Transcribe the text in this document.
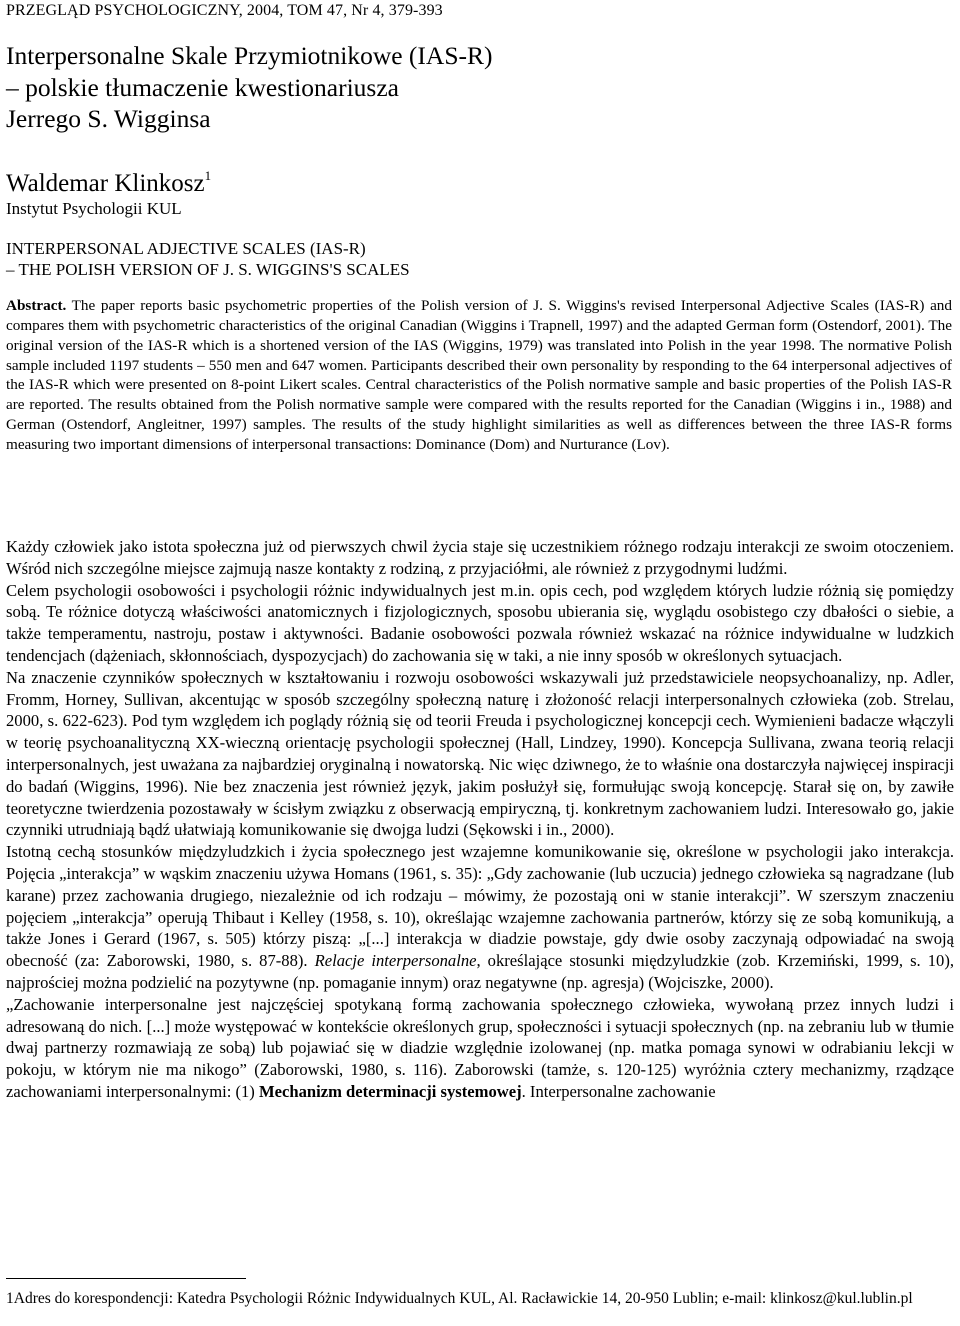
PRZEGLĄD PSYCHOLOGICZNY, 2004, TOM 47, Nr 4, 379-393
Interpersonalne Skale Przymiotnikowe (IAS-R)
– polskie tłumaczenie kwestionariusza
Jerrego S. Wigginsa
Waldemar Klinkosz$^1$
Instytut Psychologii KUL
INTERPERSONAL ADJECTIVE SCALES (IAS-R)
– THE POLISH VERSION OF J. S. WIGGINS'S SCALES
Abstract. The paper reports basic psychometric properties of the Polish version of J. S. Wiggins's revised Interpersonal Adjective Scales (IAS-R) and compares them with psychometric characteristics of the original Canadian (Wiggins i Trapnell, 1997) and the adapted German form (Ostendorf, 2001). The original version of the IAS-R which is a shortened version of the IAS (Wiggins, 1979) was translated into Polish in the year 1998. The normative Polish sample included 1197 students – 550 men and 647 women. Participants described their own personality by responding to the 64 interpersonal adjectives of the IAS-R which were presented on 8-point Likert scales. Central characteristics of the Polish normative sample and basic properties of the Polish IAS-R are reported. The results obtained from the Polish normative sample were compared with the results reported for the Canadian (Wiggins i in., 1988) and German (Ostendorf, Angleitner, 1997) samples. The results of the study highlight similarities as well as differences between the three IAS-R forms measuring two important dimensions of interpersonal transactions: Dominance (Dom) and Nurturance (Lov).

Każdy człowiek jako istota społeczna już od pierwszych chwil życia staje się uczestnikiem różnego rodzaju interakcji ze swoim otoczeniem. Wśród nich szczególne miejsce zajmują nasze kontakty z rodziną, z przyjaciółmi, ale również z przygodnymi ludźmi.

Celem psychologii osobowości i psychologii różnic indywidualnych jest m.in. opis cech, pod względem których ludzie różnią się pomiędzy sobą. Te różnice dotyczą właściwości anatomicznych i fizjologicznych, sposobu ubierania się, wyglądu osobistego czy dbałości o siebie, a także temperamentu, nastroju, postaw i aktywności. Badanie osobowości pozwala również wskazać na różnice indywidualne w ludzkich tendencjach (dążeniach, skłonnościach, dyspozycjach) do zachowania się w taki, a nie inny sposób w określonych sytuacjach.

Na znaczenie czynników społecznych w kształtowaniu i rozwoju osobowości wskazywali już przedstawiciele neopsychoanalizy, np. Adler, Fromm, Horney, Sullivan, akcentując w sposób szczególny społeczną naturę i złożoność relacji interpersonalnych człowieka (zob. Strelau, 2000, s. 622-623). Pod tym względem ich poglądy różnią się od teorii Freuda i psychologicznej koncepcji cech. Wymienieni badacze włączyli w teorię psychoanalityczną XX-wieczną orientację psychologii społecznej (Hall, Lindzey, 1990). Koncepcja Sullivana, zwana teorią relacji interpersonalnych, jest uważana za najbardziej oryginalną i nowatorską. Nic więc dziwnego, że to właśnie ona dostarczyła najwięcej inspiracji do badań (Wiggins, 1996). Nie bez znaczenia jest również język, jakim posłużył się, formułując swoją koncepcję. Starał się on, by zawiłe teoretyczne twierdzenia pozostawały w ścisłym związku z obserwacją empiryczną, tj. konkretnym zachowaniem ludzi. Interesowało go, jakie czynniki utrudniają bądź ułatwiają komunikowanie się dwojga ludzi (Sękowski i in., 2000).

Istotną cechą stosunków międzyludzkich i życia społecznego jest wzajemne komunikowanie się, określone w psychologii jako interakcja. Pojęcia „interakcja” w wąskim znaczeniu używa Homans (1961, s. 35): „Gdy zachowanie (lub uczucia) jednego człowieka są nagradzane (lub karane) przez zachowania drugiego, niezależnie od ich rodzaju – mówimy, że pozostają oni w stanie interakcji”. W szerszym znaczeniu pojęciem „interakcja” operują Thibaut i Kelley (1958, s. 10), określając wzajemne zachowania partnerów, którzy się ze sobą komunikują, a także Jones i Gerard (1967, s. 505) którzy piszą: „[...] interakcja w diadzie powstaje, gdy dwie osoby zaczynają odpowiadać na swoją obecność (za: Zaborowski, 1980, s. 87-88). Relacje interpersonalne, określające stosunki międzyludzkie (zob. Krzemiński, 1999, s. 10), najprościej można podzielić na pozytywne (np. pomaganie innym) oraz negatywne (np. agresja) (Wojciszke, 2000).

„Zachowanie interpersonalne jest najczęściej spotykaną formą zachowania społecznego człowieka, wywołaną przez innych ludzi i adresowaną do nich. [...] może występować w kontekście określonych grup, społeczności i sytuacji społecznych (np. na zebraniu lub w tłumie dwaj partnerzy rozmawiają ze sobą) lub pojawiać się w diadzie względnie izolowanej (np. matka pomaga synowi w odrabianiu lekcji w pokoju, w którym nie ma nikogo” (Zaborowski, 1980, s. 116). Zaborowski (tamże, s. 120-125) wyróżnia cztery mechanizmy, rządzące zachowaniami interpersonalnymi: (1) Mechanizm determinacji systemowej. Interpersonalne zachowanie

1Adres do korespondencji: Katedra Psychologii Różnic Indywidualnych KUL, Al. Racławickie 14, 20-950 Lublin; e-mail: klinkosz@kul.lublin.pl
